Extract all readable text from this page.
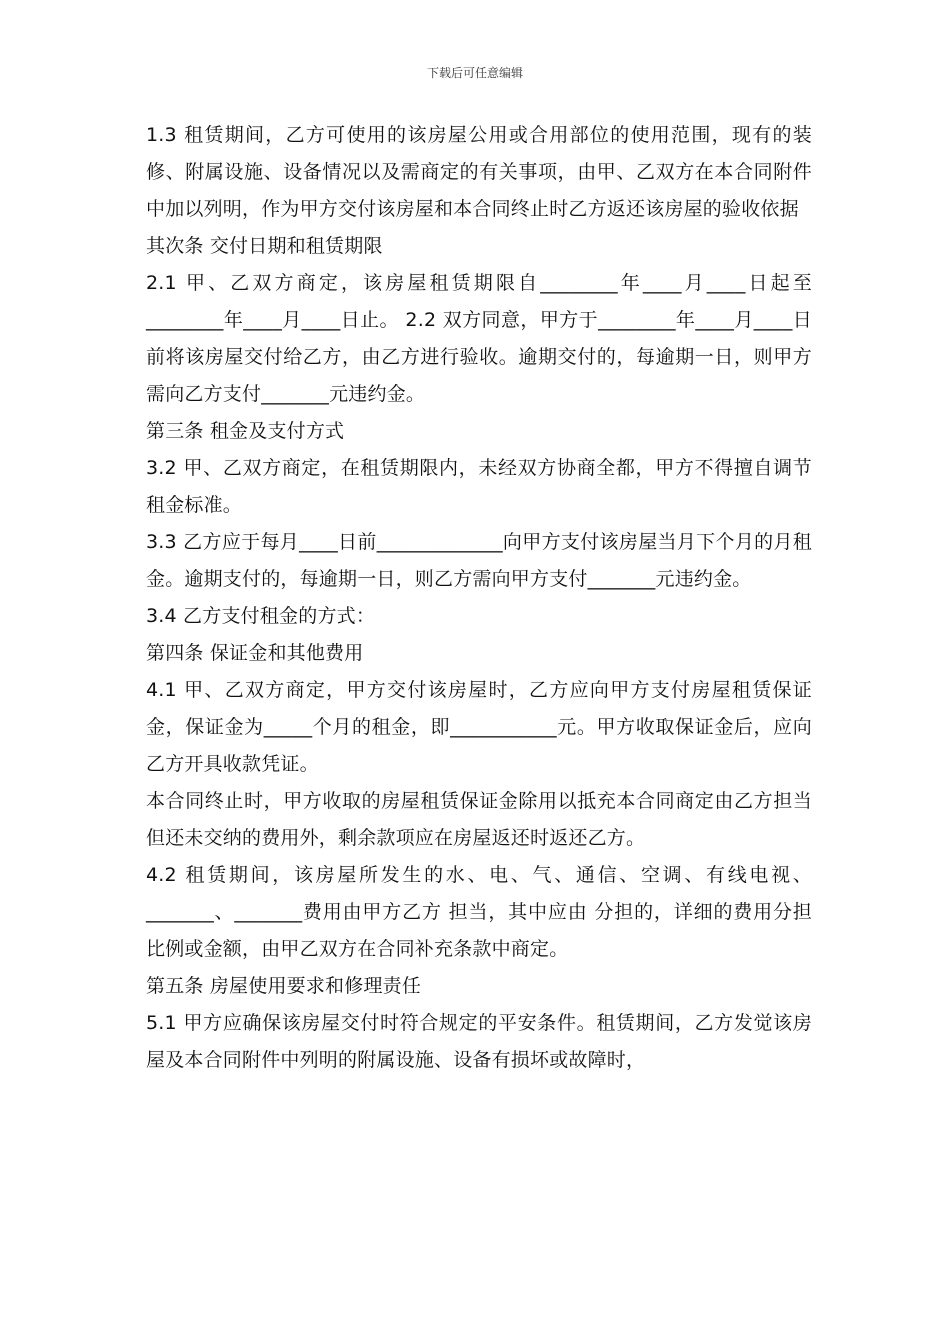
下载后可任意编辑

1.3 租赁期间，乙方可使用的该房屋公用或合用部位的使用范围，现有的装修、附属设施、设备情况以及需商定的有关事项，由甲、乙双方在本合同附件中加以列明，作为甲方交付该房屋和本合同终止时乙方返还该房屋的验收依据

其次条 交付日期和租赁期限

2.1 甲、乙双方商定，该房屋租赁期限自________年____月____日起至________年____月____日止。 2.2 双方同意，甲方于________年____月____日前将该房屋交付给乙方，由乙方进行验收。逾期交付的，每逾期一日，则甲方需向乙方支付_______元违约金。

第三条 租金及支付方式

3.2 甲、乙双方商定，在租赁期限内，未经双方协商全都，甲方不得擅自调节租金标准。

3.3 乙方应于每月____日前_____________向甲方支付该房屋当月下个月的月租金。逾期支付的，每逾期一日，则乙方需向甲方支付_______元违约金。

3.4 乙方支付租金的方式：

第四条 保证金和其他费用

4.1 甲、乙双方商定，甲方交付该房屋时，乙方应向甲方支付房屋租赁保证金，保证金为_____个月的租金，即___________元。甲方收取保证金后，应向乙方开具收款凭证。

本合同终止时，甲方收取的房屋租赁保证金除用以抵充本合同商定由乙方担当但还未交纳的费用外，剩余款项应在房屋返还时返还乙方。

4.2 租赁期间，该房屋所发生的水、电、气、通信、空调、有线电视、_______、_______费用由甲方乙方 担当，其中应由 分担的，详细的费用分担比例或金额，由甲乙双方在合同补充条款中商定。

第五条 房屋使用要求和修理责任

5.1 甲方应确保该房屋交付时符合规定的平安条件。租赁期间，乙方发觉该房屋及本合同附件中列明的附属设施、设备有损坏或故障时，
